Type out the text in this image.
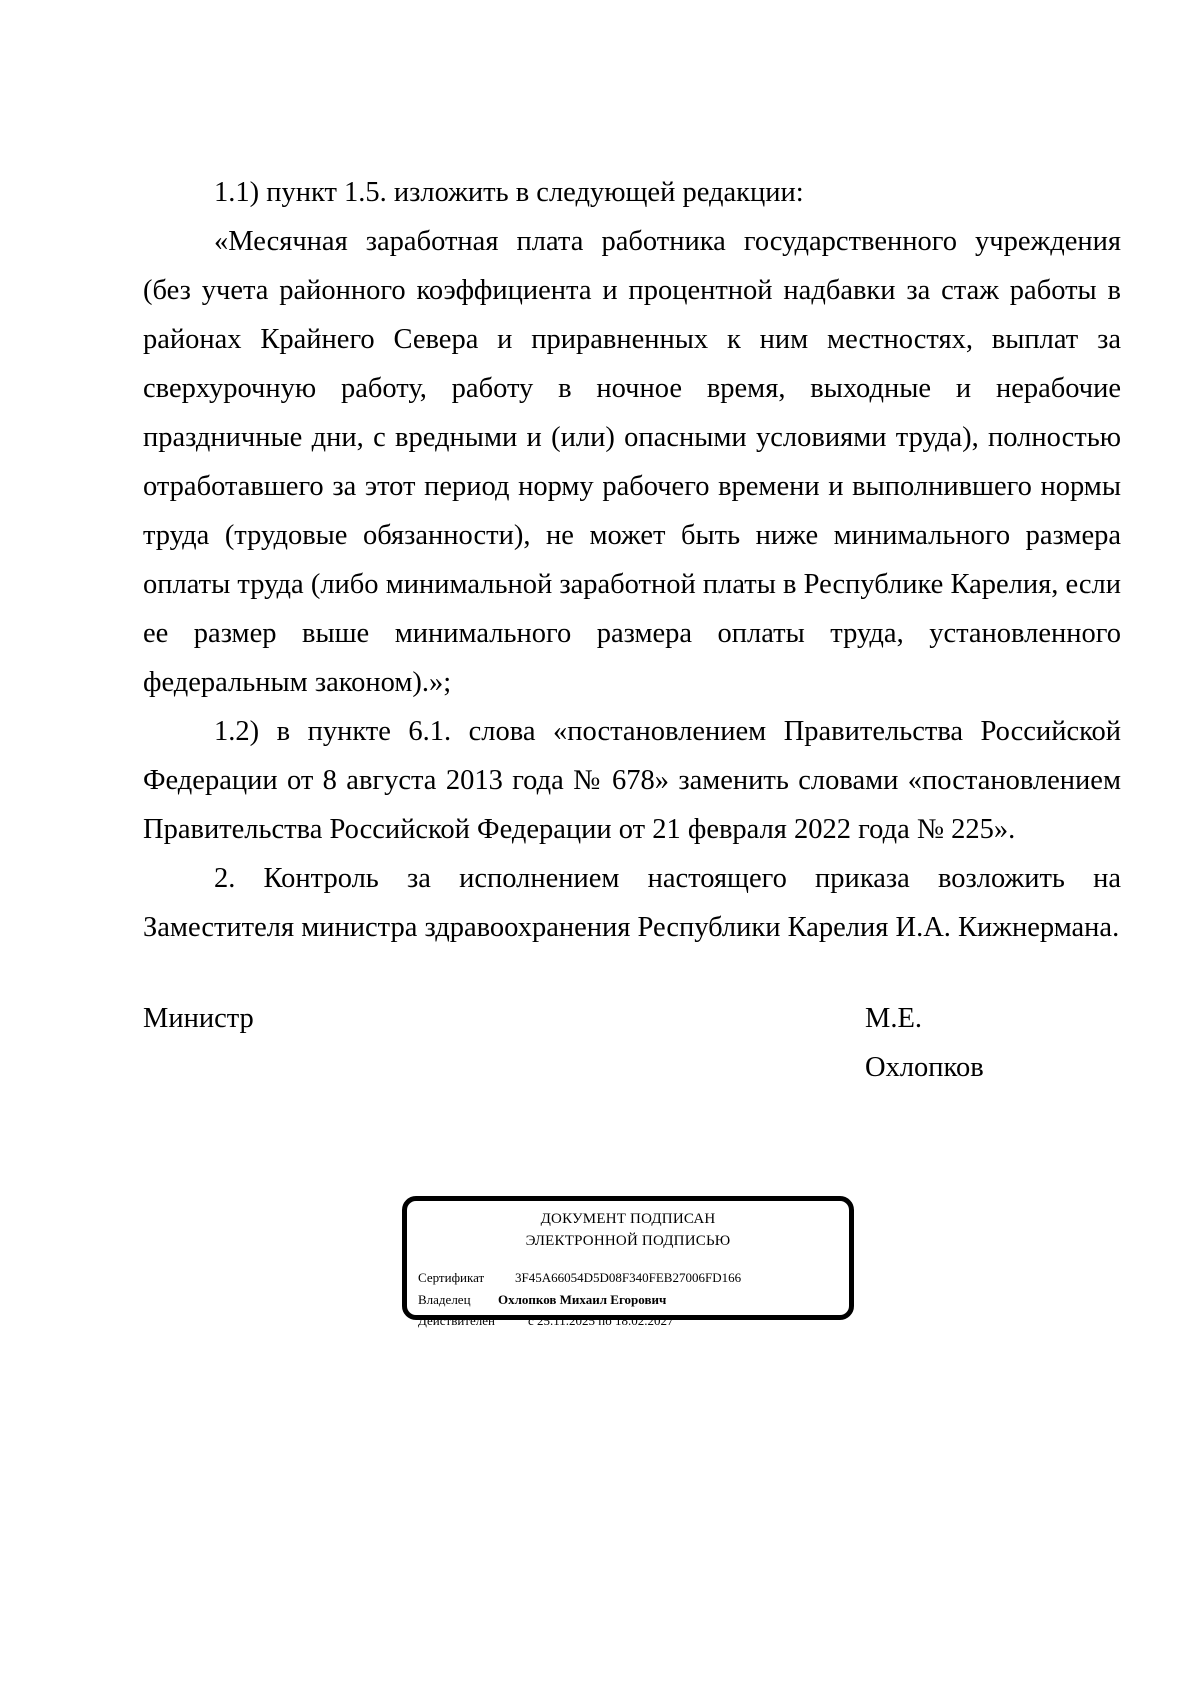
1.1) пункт 1.5. изложить в следующей редакции:

«Месячная заработная плата работника государственного учреждения (без учета районного коэффициента и процентной надбавки за стаж работы в районах Крайнего Севера и приравненных к ним местностях, выплат за сверхурочную работу, работу в ночное время, выходные и нерабочие праздничные дни, с вредными и (или) опасными условиями труда), полностью отработавшего за этот период норму рабочего времени и выполнившего нормы труда (трудовые обязанности), не может быть ниже минимального размера оплаты труда (либо минимальной заработной платы в Республике Карелия, если ее размер выше минимального размера оплаты труда, установленного федеральным законом).»;

1.2) в пункте 6.1. слова «постановлением Правительства Российской Федерации от 8 августа 2013 года № 678» заменить словами «постановлением Правительства Российской Федерации от 21 февраля 2022 года № 225».

2. Контроль за исполнением настоящего приказа возложить на Заместителя министра здравоохранения Республики Карелия И.А. Кижнермана.

Министр	М.Е. Охлопков
ДОКУМЕНТ ПОДПИСАН
ЭЛЕКТРОННОЙ ПОДПИСЬЮ
Сертификат 3F45A66054D5D08F340FEB27006FD166
Владелец Охлопков Михаил Егорович
Действителен	с 25.11.2025 по 18.02.2027
